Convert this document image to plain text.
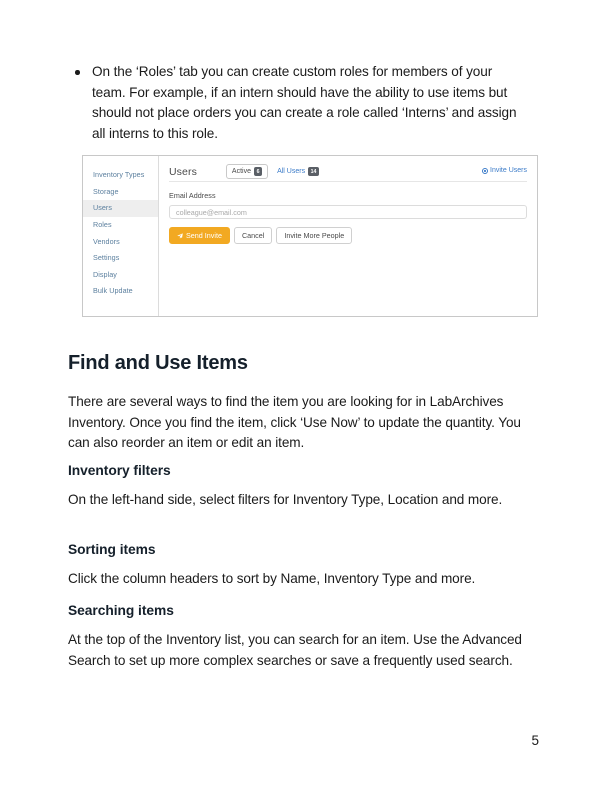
On the ‘Roles’ tab you can create custom roles for members of your team. For example, if an intern should have the ability to use items but should not place orders you can create a role called ‘Interns’ and assign all interns to this role.
Inventory Types
Storage
Users
Roles
Vendors
Settings
Display
Bulk Update
Users	Active	6	All Users	14	Invite Users
Email Address
colleague@email.com
Send Invite	Cancel	Invite More People
Find and Use Items

There are several ways to find the item you are looking for in LabArchives Inventory. Once you find the item, click ‘Use Now’ to update the quantity. You can also reorder an item or edit an item.

Inventory filters

On the left-hand side, select filters for Inventory Type, Location and more.

Sorting items

Click the column headers to sort by Name, Inventory Type and more.

Searching items

At the top of the Inventory list, you can search for an item. Use the Advanced Search to set up more complex searches or save a frequently used search.

5
